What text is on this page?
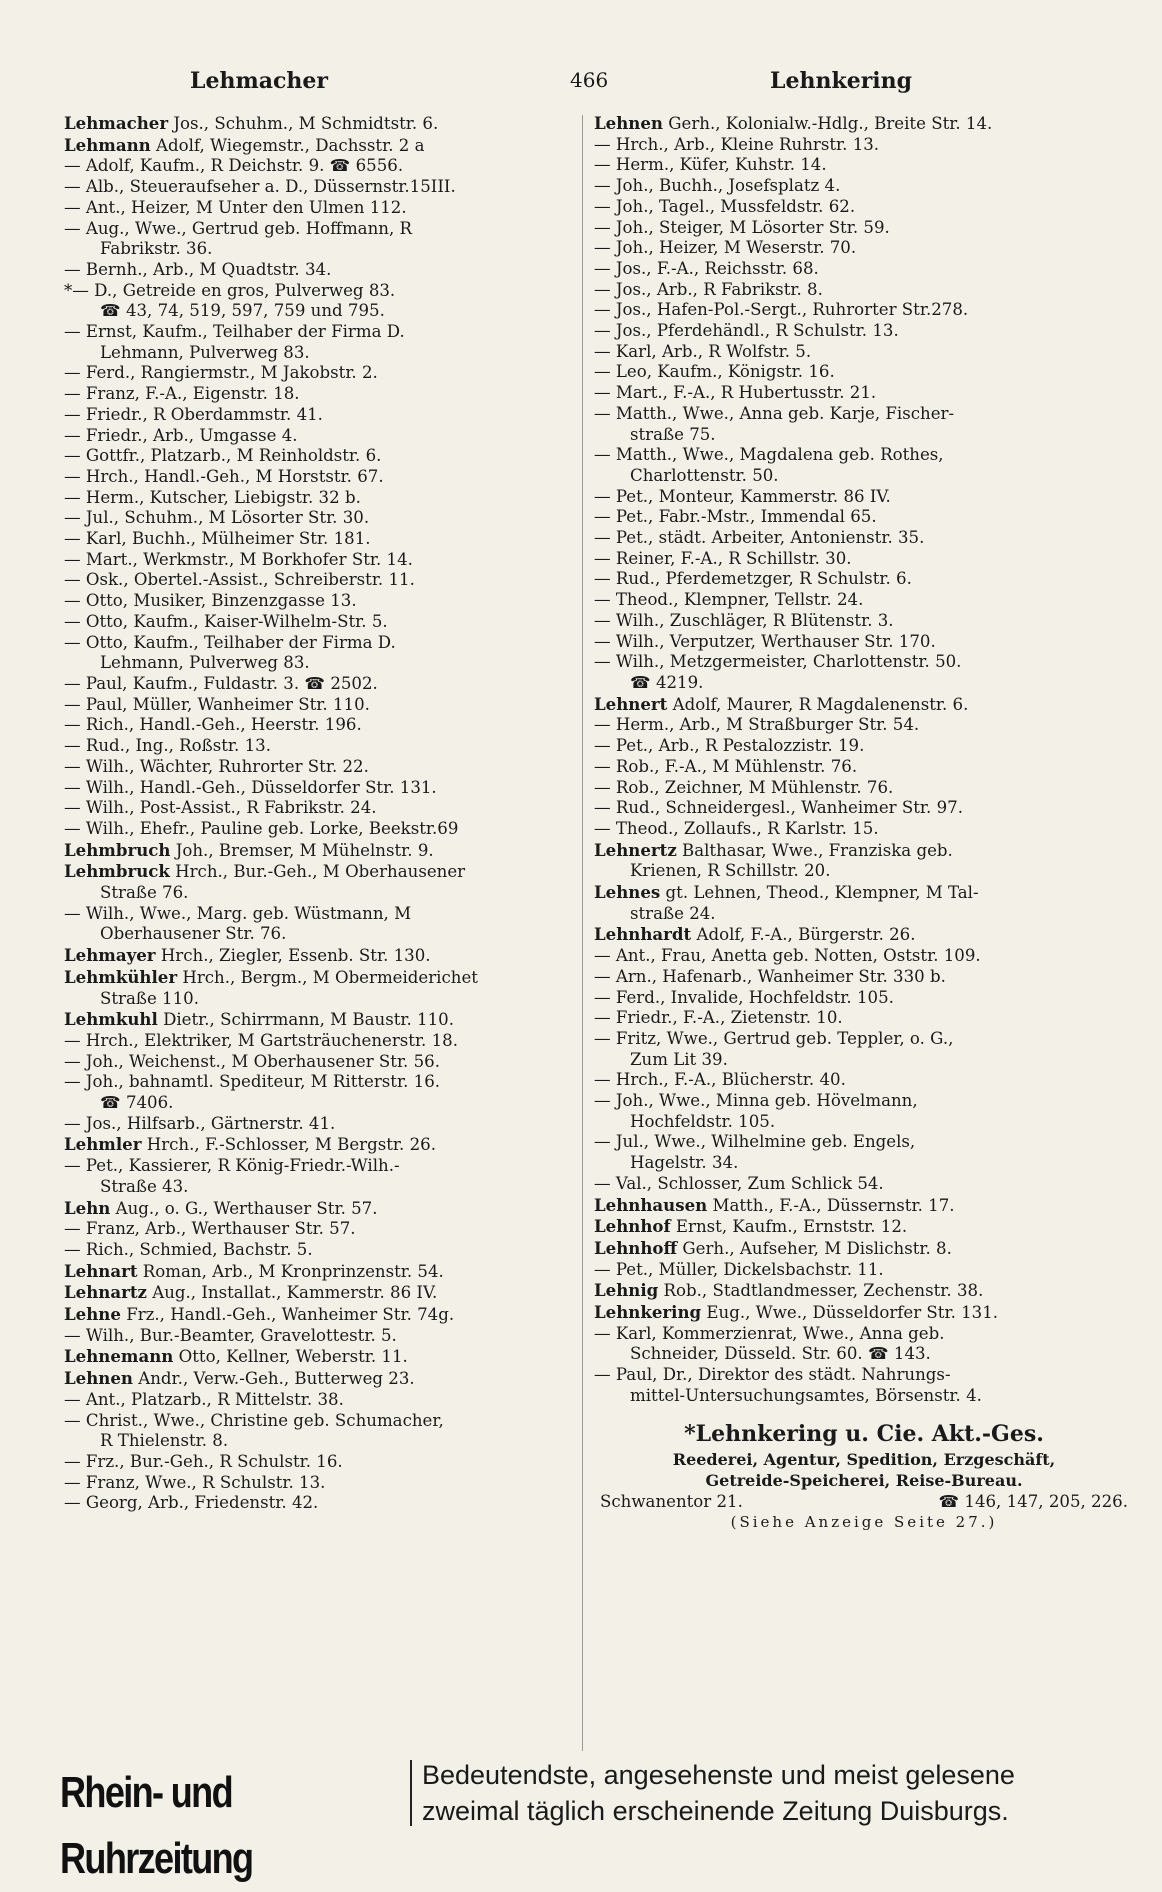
Lehmacher	466	Lehnkering
Lehmacher Jos., Schuhm., M Schmidtstr. 6.
Lehmann Adolf, Wiegemstr., Dachsstr. 2 a
— Adolf, Kaufm., R Deichstr. 9. ☎ 6556.
— Alb., Steueraufseher a. D., Düssernstr.15III.
— Ant., Heizer, M Unter den Ulmen 112.
— Aug., Wwe., Gertrud geb. Hoffmann, R
Fabrikstr. 36.
— Bernh., Arb., M Quadtstr. 34.
*— D., Getreide en gros, Pulverweg 83.
☎ 43, 74, 519, 597, 759 und 795.
— Ernst, Kaufm., Teilhaber der Firma D.
Lehmann, Pulverweg 83.
— Ferd., Rangiermstr., M Jakobstr. 2.
— Franz, F.-A., Eigenstr. 18.
— Friedr., R Oberdammstr. 41.
— Friedr., Arb., Umgasse 4.
— Gottfr., Platzarb., M Reinholdstr. 6.
— Hrch., Handl.-Geh., M Horststr. 67.
— Herm., Kutscher, Liebigstr. 32 b.
— Jul., Schuhm., M Lösorter Str. 30.
— Karl, Buchh., Mülheimer Str. 181.
— Mart., Werkmstr., M Borkhofer Str. 14.
— Osk., Obertel.-Assist., Schreiberstr. 11.
— Otto, Musiker, Binzenzgasse 13.
— Otto, Kaufm., Kaiser-Wilhelm-Str. 5.
— Otto, Kaufm., Teilhaber der Firma D.
Lehmann, Pulverweg 83.
— Paul, Kaufm., Fuldastr. 3. ☎ 2502.
— Paul, Müller, Wanheimer Str. 110.
— Rich., Handl.-Geh., Heerstr. 196.
— Rud., Ing., Roßstr. 13.
— Wilh., Wächter, Ruhrorter Str. 22.
— Wilh., Handl.-Geh., Düsseldorfer Str. 131.
— Wilh., Post-Assist., R Fabrikstr. 24.
— Wilh., Ehefr., Pauline geb. Lorke, Beekstr.69
Lehmbruch Joh., Bremser, M Mühelnstr. 9.
Lehmbruck Hrch., Bur.-Geh., M Oberhausener
Straße 76.
— Wilh., Wwe., Marg. geb. Wüstmann, M
Oberhausener Str. 76.
Lehmayer Hrch., Ziegler, Essenb. Str. 130.
Lehmkühler Hrch., Bergm., M Obermeiderichet
Straße 110.
Lehmkuhl Dietr., Schirrmann, M Baustr. 110.
— Hrch., Elektriker, M Gartsträuchenerstr. 18.
— Joh., Weichenst., M Oberhausener Str. 56.
— Joh., bahnamtl. Spediteur, M Ritterstr. 16.
☎ 7406.
— Jos., Hilfsarb., Gärtnerstr. 41.
Lehmler Hrch., F.-Schlosser, M Bergstr. 26.
— Pet., Kassierer, R König-Friedr.-Wilh.-
Straße 43.
Lehn Aug., o. G., Werthauser Str. 57.
— Franz, Arb., Werthauser Str. 57.
— Rich., Schmied, Bachstr. 5.
Lehnart Roman, Arb., M Kronprinzenstr. 54.
Lehnartz Aug., Installat., Kammerstr. 86 IV.
Lehne Frz., Handl.-Geh., Wanheimer Str. 74g.
— Wilh., Bur.-Beamter, Gravelottestr. 5.
Lehnemann Otto, Kellner, Weberstr. 11.
Lehnen Andr., Verw.-Geh., Butterweg 23.
— Ant., Platzarb., R Mittelstr. 38.
— Christ., Wwe., Christine geb. Schumacher,
R Thielenstr. 8.
— Frz., Bur.-Geh., R Schulstr. 16.
— Franz, Wwe., R Schulstr. 13.
— Georg, Arb., Friedenstr. 42.
Lehnen Gerh., Kolonialw.-Hdlg., Breite Str. 14.
— Hrch., Arb., Kleine Ruhrstr. 13.
— Herm., Küfer, Kuhstr. 14.
— Joh., Buchh., Josefsplatz 4.
— Joh., Tagel., Mussfeldstr. 62.
— Joh., Steiger, M Lösorter Str. 59.
— Joh., Heizer, M Weserstr. 70.
— Jos., F.-A., Reichsstr. 68.
— Jos., Arb., R Fabrikstr. 8.
— Jos., Hafen-Pol.-Sergt., Ruhrorter Str.278.
— Jos., Pferdehändl., R Schulstr. 13.
— Karl, Arb., R Wolfstr. 5.
— Leo, Kaufm., Königstr. 16.
— Mart., F.-A., R Hubertusstr. 21.
— Matth., Wwe., Anna geb. Karje, Fischer-
straße 75.
— Matth., Wwe., Magdalena geb. Rothes,
Charlottenstr. 50.
— Pet., Monteur, Kammerstr. 86 IV.
— Pet., Fabr.-Mstr., Immendal 65.
— Pet., städt. Arbeiter, Antonienstr. 35.
— Reiner, F.-A., R Schillstr. 30.
— Rud., Pferdemetzger, R Schulstr. 6.
— Theod., Klempner, Tellstr. 24.
— Wilh., Zuschläger, R Blütenstr. 3.
— Wilh., Verputzer, Werthauser Str. 170.
— Wilh., Metzgermeister, Charlottenstr. 50.
☎ 4219.
Lehnert Adolf, Maurer, R Magdalenenstr. 6.
— Herm., Arb., M Straßburger Str. 54.
— Pet., Arb., R Pestalozzistr. 19.
— Rob., F.-A., M Mühlenstr. 76.
— Rob., Zeichner, M Mühlenstr. 76.
— Rud., Schneidergesl., Wanheimer Str. 97.
— Theod., Zollaufs., R Karlstr. 15.
Lehnertz Balthasar, Wwe., Franziska geb.
Krienen, R Schillstr. 20.
Lehnes gt. Lehnen, Theod., Klempner, M Tal-
straße 24.
Lehnhardt Adolf, F.-A., Bürgerstr. 26.
— Ant., Frau, Anetta geb. Notten, Oststr. 109.
— Arn., Hafenarb., Wanheimer Str. 330 b.
— Ferd., Invalide, Hochfeldstr. 105.
— Friedr., F.-A., Zietenstr. 10.
— Fritz, Wwe., Gertrud geb. Teppler, o. G.,
Zum Lit 39.
— Hrch., F.-A., Blücherstr. 40.
— Joh., Wwe., Minna geb. Hövelmann,
Hochfeldstr. 105.
— Jul., Wwe., Wilhelmine geb. Engels,
Hagelstr. 34.
— Val., Schlosser, Zum Schlick 54.
Lehnhausen Matth., F.-A., Düssernstr. 17.
Lehnhof Ernst, Kaufm., Ernststr. 12.
Lehnhoff Gerh., Aufseher, M Dislichstr. 8.
— Pet., Müller, Dickelsbachstr. 11.
Lehnig Rob., Stadtlandmesser, Zechenstr. 38.
Lehnkering Eug., Wwe., Düsseldorfer Str. 131.
— Karl, Kommerzienrat, Wwe., Anna geb.
Schneider, Düsseld. Str. 60. ☎ 143.
— Paul, Dr., Direktor des städt. Nahrungs-
mittel-Untersuchungsamtes, Börsenstr. 4.
*Lehnkering u. Cie. Akt.-Ges.
Reederei, Agentur, Spedition, Erzgeschäft,
Getreide-Speicherei, Reise-Bureau.
Schwanentor 21.	☎ 146, 147, 205, 226.
(Siehe Anzeige Seite 27.)
Rhein- und Ruhrzeitung
Bedeutendste, angesehenste und meist gelesene
zweimal täglich erscheinende Zeitung Duisburgs.
